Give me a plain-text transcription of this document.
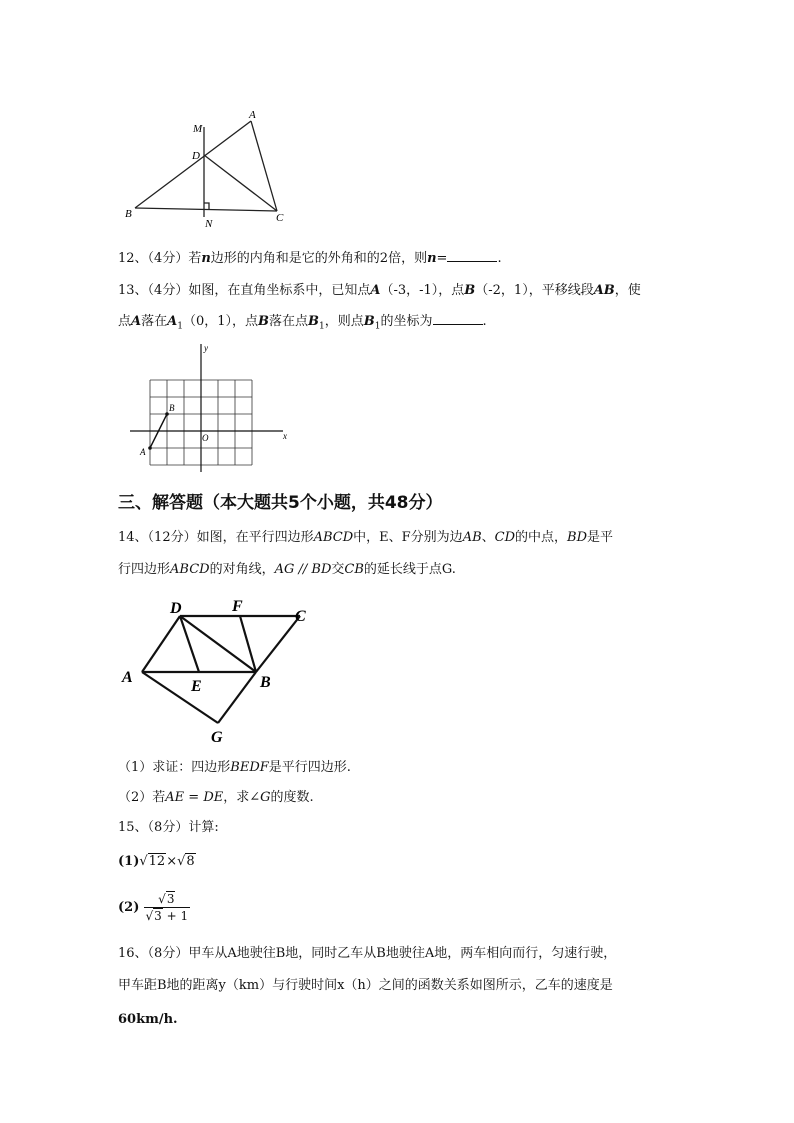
A
M
D
B
N	C
12、（4分）若n边形的内角和是它的外角和的2倍，则n=	.
13、（4分）如图，在直角坐标系中，已知点A（-3，-1），点B（-2，1），平移线段AB，使
点A落在$A_1(0$，1），点B落在点$B_1$，则点$B_1$的坐标为	.
y
x
O
A
B
三、解答题（本大题共5个小题，共48分）
14、（12分）如图，在平行四边形ABCD中，E、F分别为边AB、CD的中点，BD是平
行四边形ABCD的对角线，AG // BD交CB的延长线于点G.
D	F
C
A
E	B
G
（1）求证：四边形BEDF是平行四边形.
（2）若AE = DE，求∠G的度数.
15、（8分）计算:
(1)√12×√8
$(2) \frac{√3}{√3 + 1}$
16、（8分）甲车从A地驶往B地，同时乙车从B地驶往A地，两车相向而行，匀速行驶，
甲车距B地的距离y（km）与行驶时间x（h）之间的函数关系如图所示，乙车的速度是
60km/h.
